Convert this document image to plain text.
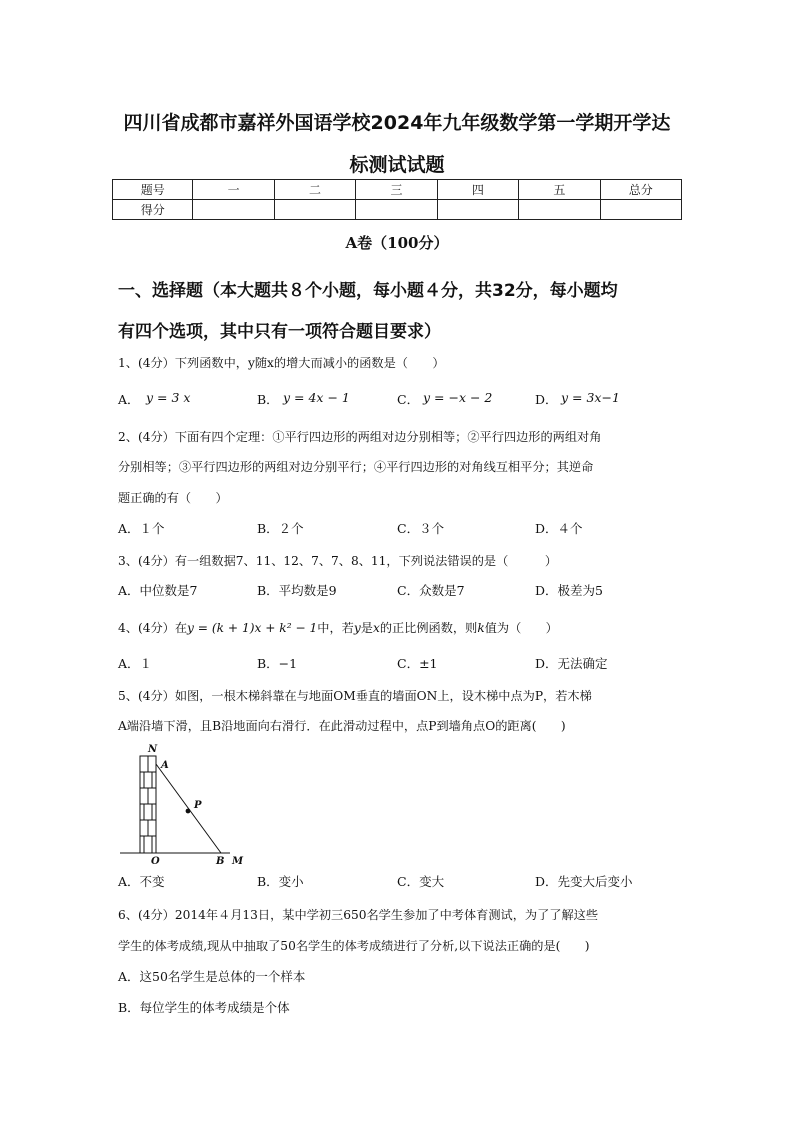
四川省成都市嘉祥外国语学校2024年九年级数学第一学期开学达
标测试试题
题号	一	二	三	四	五	总分
得分						
A卷（100分）
一、选择题（本大题共８个小题，每小题４分，共32分，每小题均
有四个选项，其中只有一项符合题目要求）
1、(4分）下列函数中，y随x的增大而减小的函数是（　　）
A． y = 3 x	B． y = 4x − 1	C． y = −x − 2	D． y = 3x−1
2、(4分）下面有四个定理：①平行四边形的两组对边分别相等；②平行四边形的两组对角
分别相等；③平行四边形的两组对边分别平行；④平行四边形的对角线互相平分；其逆命
题正确的有（　　）
A．１个	B．２个	C．３个	D．４个
3、(4分）有一组数据7、11、12、7、7、8、11，下列说法错误的是（　　　）
A．中位数是7	B．平均数是9	C．众数是7	D．极差为5
4、(4分）在y = (k + 1)x + k² − 1中，若y是x的正比例函数，则k值为（　　）
A．１	B．−1	C．±1	D．无法确定
5、(4分）如图，一根木梯斜靠在与地面OM垂直的墙面ON上，设木梯中点为P，若木梯
A端沿墙下滑，且B沿地面向右滑行．在此滑动过程中，点P到墙角点O的距离(　　)
N
A
P
O	B M
A．不变	B．变小	C．变大	D．先变大后变小
6、(4分）2014年４月13日，某中学初三650名学生参加了中考体育测试，为了了解这些
学生的体考成绩,现从中抽取了50名学生的体考成绩进行了分析,以下说法正确的是(　　)
A．这50名学生是总体的一个样本
B．每位学生的体考成绩是个体
